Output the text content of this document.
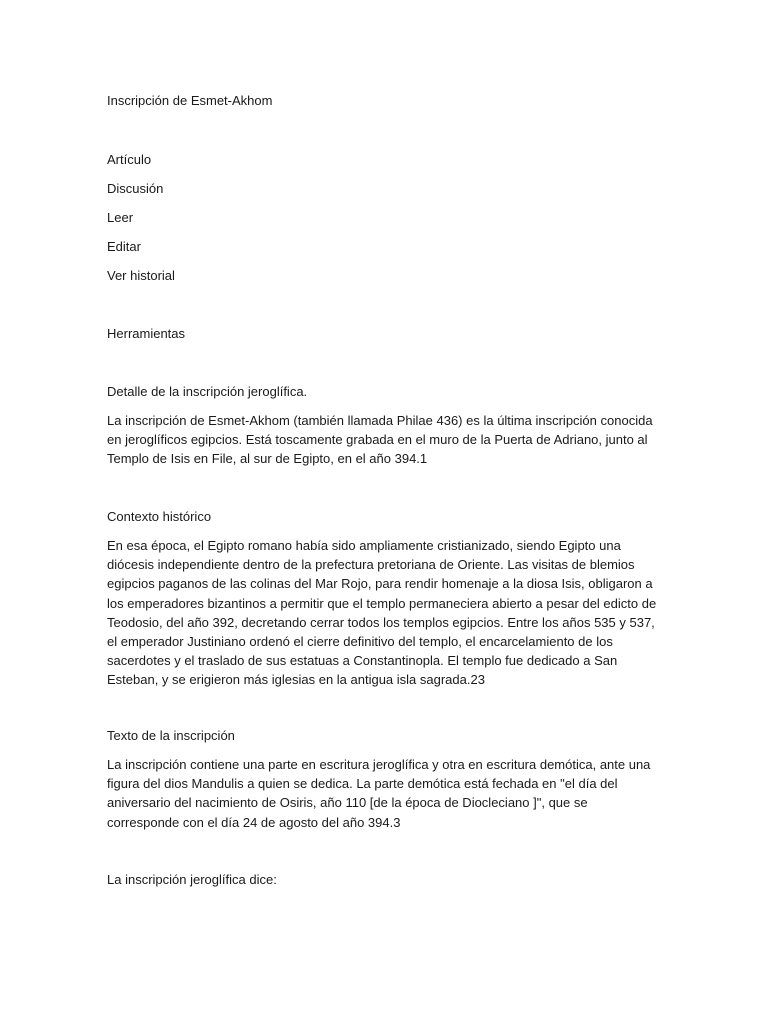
Inscripción de Esmet-Akhom
Artículo
Discusión
Leer
Editar
Ver historial
Herramientas
Detalle de la inscripción jeroglífica.
La inscripción de Esmet-Akhom (también llamada Philae 436) es la última inscripción conocida en jeroglíficos egipcios. Está toscamente grabada en el muro de la Puerta de Adriano, junto al Templo de Isis en File, al sur de Egipto, en el año 394.1
Contexto histórico
En esa época, el Egipto romano había sido ampliamente cristianizado, siendo Egipto una diócesis independiente dentro de la prefectura pretoriana de Oriente. Las visitas de blemios egipcios paganos de las colinas del Mar Rojo, para rendir homenaje a la diosa Isis, obligaron a los emperadores bizantinos a permitir que el templo permaneciera abierto a pesar del edicto de Teodosio, del año 392, decretando cerrar todos los templos egipcios. Entre los años 535 y 537, el emperador Justiniano ordenó el cierre definitivo del templo, el encarcelamiento de los sacerdotes y el traslado de sus estatuas a Constantinopla. El templo fue dedicado a San Esteban, y se erigieron más iglesias en la antigua isla sagrada.23
Texto de la inscripción
La inscripción contiene una parte en escritura jeroglífica y otra en escritura demótica, ante una figura del dios Mandulis a quien se dedica. La parte demótica está fechada en "el día del aniversario del nacimiento de Osiris, año 110 [de la época de Diocleciano ]", que se corresponde con el día 24 de agosto del año 394.3
La inscripción jeroglífica dice:
